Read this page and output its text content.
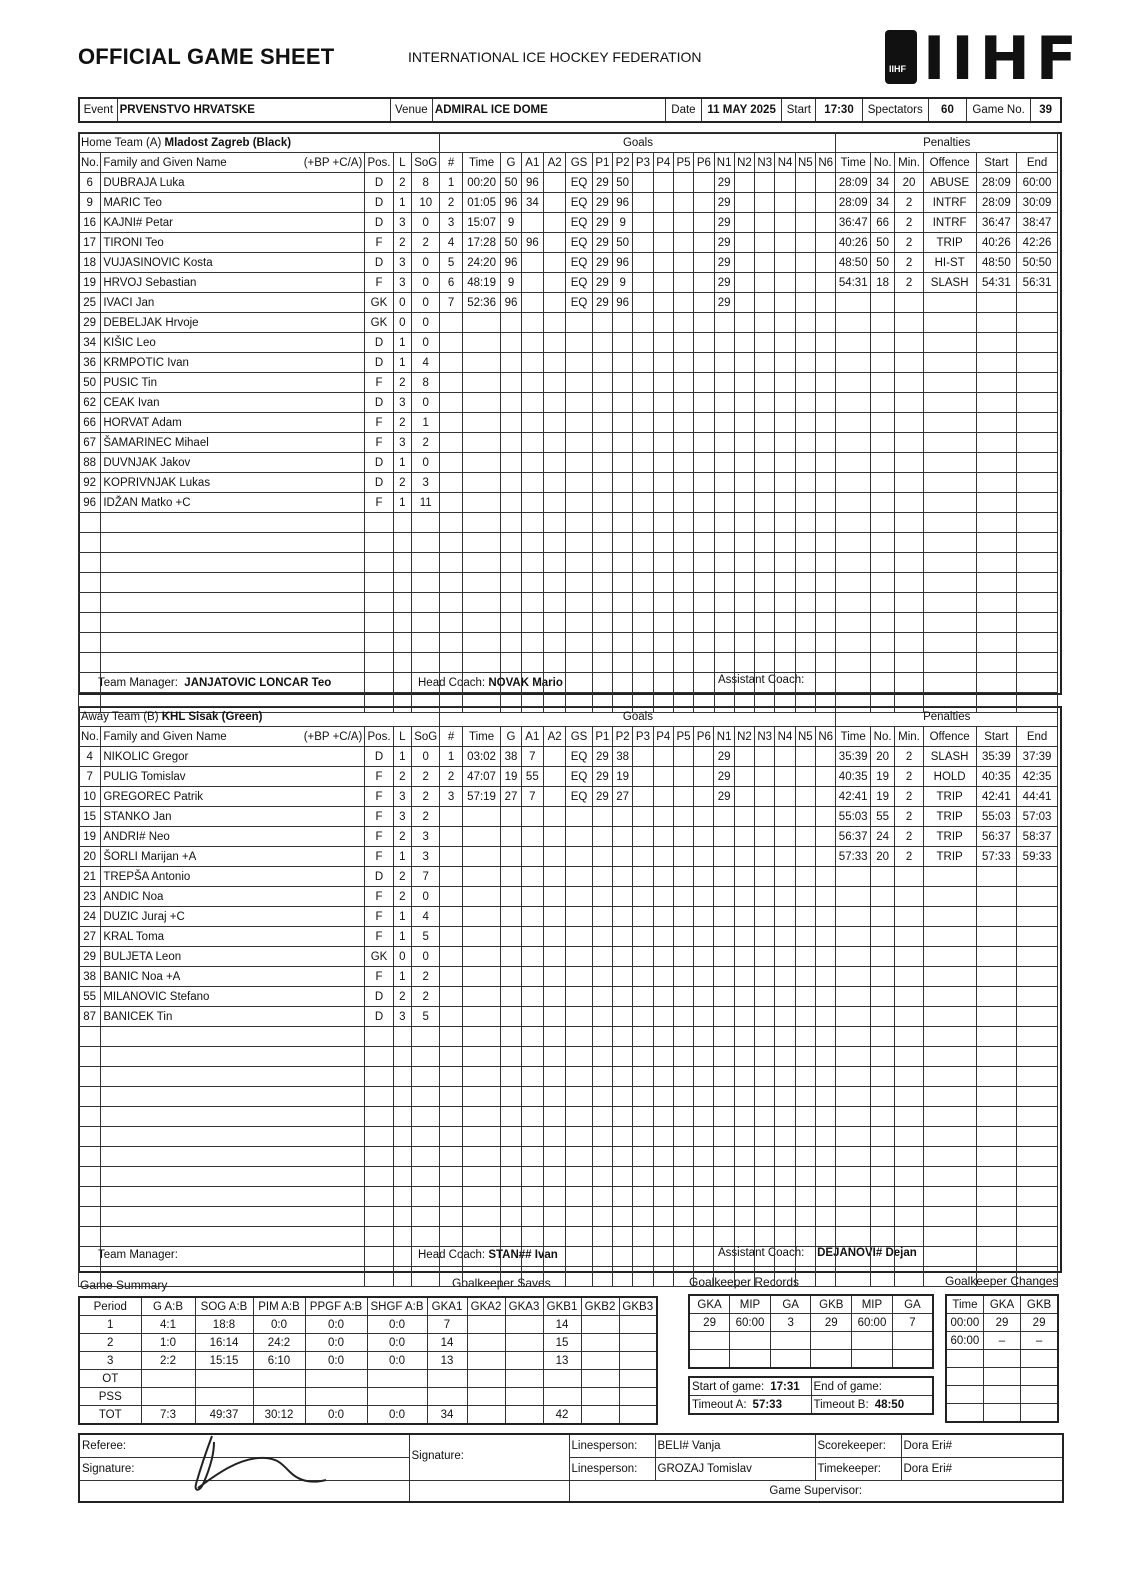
OFFICIAL GAME SHEET	INTERNATIONAL ICE HOCKEY FEDERATION
IIHF IIHF
Event	PRVENSTVO HRVATSKE	Venue	ADMIRAL ICE DOME	Date	11 MAY 2025	Start	17:30	Spectators	60	Game No.	39
Team Manager: JANJATOVIC LONCAR Teo	Head Coach: NOVAK Mario	Assistant Coach:
Team Manager:	Head Coach: STAN## Ivan	Assistant Coach: DEJANOVI# Dejan
Game Summary	Goalkeeper Saves	Goalkeeper Records	Goalkeeper Changes
Referee:	Signature:	Linesperson:	BELI# Vanja	Scorekeeper:	Dora Eri#
Signature:		Linesperson:	GROZAJ Tomislav	Timekeeper:	Dora Eri#
		Game Supervisor:			
Home Team (A) Mladost Zagreb (Black)					Goals																		Penalties					
No.	Family and Given Name (+BP +C/A)	Pos.	L	SoG	#	Time	G	A1	A2	GS	P1	P2	P3	P4	P5	P6	N1	N2	N3	N4	N5	N6	Time	No.	Min.	Offence	Start	End
6	DUBRAJA Luka	D	2	8	1	00:20	50	96		EQ	29	50					29						28:09	34	20	ABUSE	28:09	60:00
9	MARIC Teo	D	1	10	2	01:05	96	34		EQ	29	96					29						28:09	34	2	INTRF	28:09	30:09
16	KAJNI# Petar	D	3	0	3	15:07	9			EQ	29	9					29						36:47	66	2	INTRF	36:47	38:47
17	TIRONI Teo	F	2	2	4	17:28	50	96		EQ	29	50					29						40:26	50	2	TRIP	40:26	42:26
18	VUJASINOVIC Kosta	D	3	0	5	24:20	96			EQ	29	96					29						48:50	50	2	HI-ST	48:50	50:50
19	HRVOJ Sebastian	F	3	0	6	48:19	9			EQ	29	9					29						54:31	18	2	SLASH	54:31	56:31
25	IVACI Jan	GK	0	0	7	52:36	96			EQ	29	96					29											
29	DEBELJAK Hrvoje	GK	0	0																								
34	KIŠIC Leo	D	1	0																								
36	KRMPOTIC Ivan	D	1	4																								
50	PUSIC Tin	F	2	8																								
62	CEAK Ivan	D	3	0																								
66	HORVAT Adam	F	2	1																								
67	ŠAMARINEC Mihael	F	3	2																								
88	DUVNJAK Jakov	D	1	0																								
92	KOPRIVNJAK Lukas	D	2	3																								
96	IDŽAN Matko +C	F	1	11																								

Away Team (B) KHL Sisak (Green)					Goals																		Penalties					
No.	Family and Given Name (+BP +C/A)	Pos.	L	SoG	#	Time	G	A1	A2	GS	P1	P2	P3	P4	P5	P6	N1	N2	N3	N4	N5	N6	Time	No.	Min.	Offence	Start	End
4	NIKOLIC Gregor	D	1	0	1	03:02	38	7		EQ	29	38					29						35:39	20	2	SLASH	35:39	37:39
7	PULIG Tomislav	F	2	2	2	47:07	19	55		EQ	29	19					29						40:35	19	2	HOLD	40:35	42:35
10	GREGOREC Patrik	F	3	2	3	57:19	27	7		EQ	29	27					29						42:41	19	2	TRIP	42:41	44:41
15	STANKO Jan	F	3	2																			55:03	55	2	TRIP	55:03	57:03
19	ANDRI# Neo	F	2	3																			56:37	24	2	TRIP	56:37	58:37
20	ŠORLI Marijan +A	F	1	3																			57:33	20	2	TRIP	57:33	59:33
21	TREPŠA Antonio	D	2	7																								
23	ANDIC Noa	F	2	0																								
24	DUZIC Juraj +C	F	1	4																								
27	KRAL Toma	F	1	5																								
29	BULJETA Leon	GK	0	0																								
38	BANIC Noa +A	F	1	2																								
55	MILANOVIC Stefano	D	2	2																								
87	BANICEK Tin	D	3	5																								

Period	G A:B	SOG A:B	PIM A:B	PPGF A:B	SHGF A:B	GKA1	GKA2	GKA3	GKB1	GKB2	GKB3
1	4:1	18:8	0:0	0:0	0:0	7			14		
2	1:0	16:14	24:2	0:0	0:0	14			15		
3	2:2	15:15	6:10	0:0	0:0	13			13		
OT											
PSS											
TOT	7:3	49:37	30:12	0:0	0:0	34			42		
GKA	MIP	GA	GKB	MIP	GA
29	60:00	3	29	60:00	7

Start of game: 17:31	End of game:
Timeout A: 57:33	Timeout B: 48:50
Time	GKA	GKB
00:00	29	29
60:00	–	–
